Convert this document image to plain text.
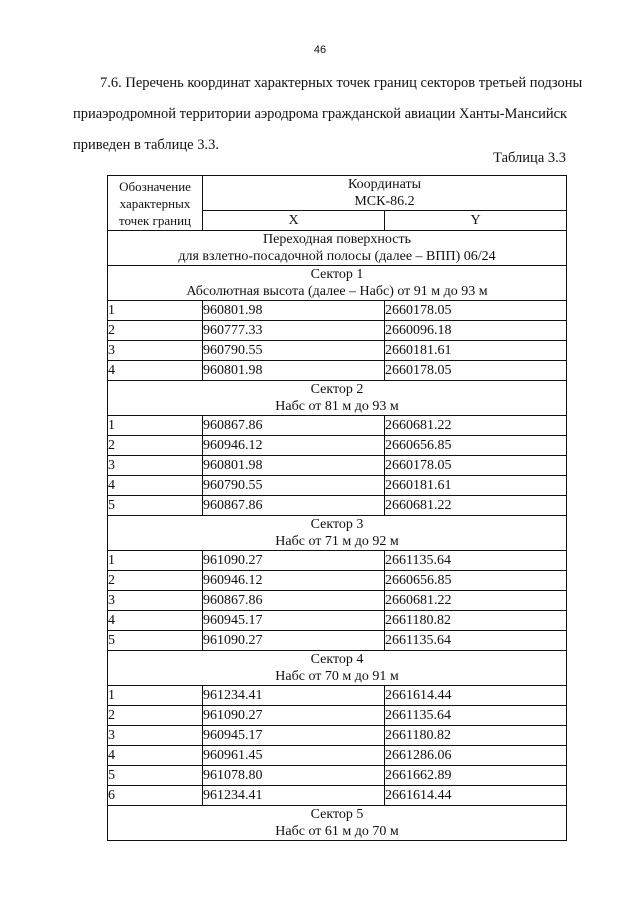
46
7.6. Перечень координат характерных точек границ секторов третьей подзоны
приаэродромной территории аэродрома гражданской авиации Ханты-Мансийск
приведен в таблице 3.3.
Таблица 3.3
Обозначение характерных точек границ	Координаты
МСК-86.2	

	X	Y

Переходная поверхность
для взлетно-посадочной полосы (далее – ВПП) 06/24		

Сектор 1
Абсолютная высота (далее – Набс) от 91 м до 93 м		

1	960801.98	2660178.05
2	960777.33	2660096.18
3	960790.55	2660181.61
4	960801.98	2660178.05

Сектор 2
Набс от 81 м до 93 м		

1	960867.86	2660681.22
2	960946.12	2660656.85
3	960801.98	2660178.05
4	960790.55	2660181.61
5	960867.86	2660681.22

Сектор 3
Набс от 71 м до 92 м		

1	961090.27	2661135.64
2	960946.12	2660656.85
3	960867.86	2660681.22
4	960945.17	2661180.82
5	961090.27	2661135.64

Сектор 4
Набс от 70 м до 91 м		

1	961234.41	2661614.44
2	961090.27	2661135.64
3	960945.17	2661180.82
4	960961.45	2661286.06
5	961078.80	2661662.89
6	961234.41	2661614.44

Сектор 5
Набс от 61 м до 70 м		
